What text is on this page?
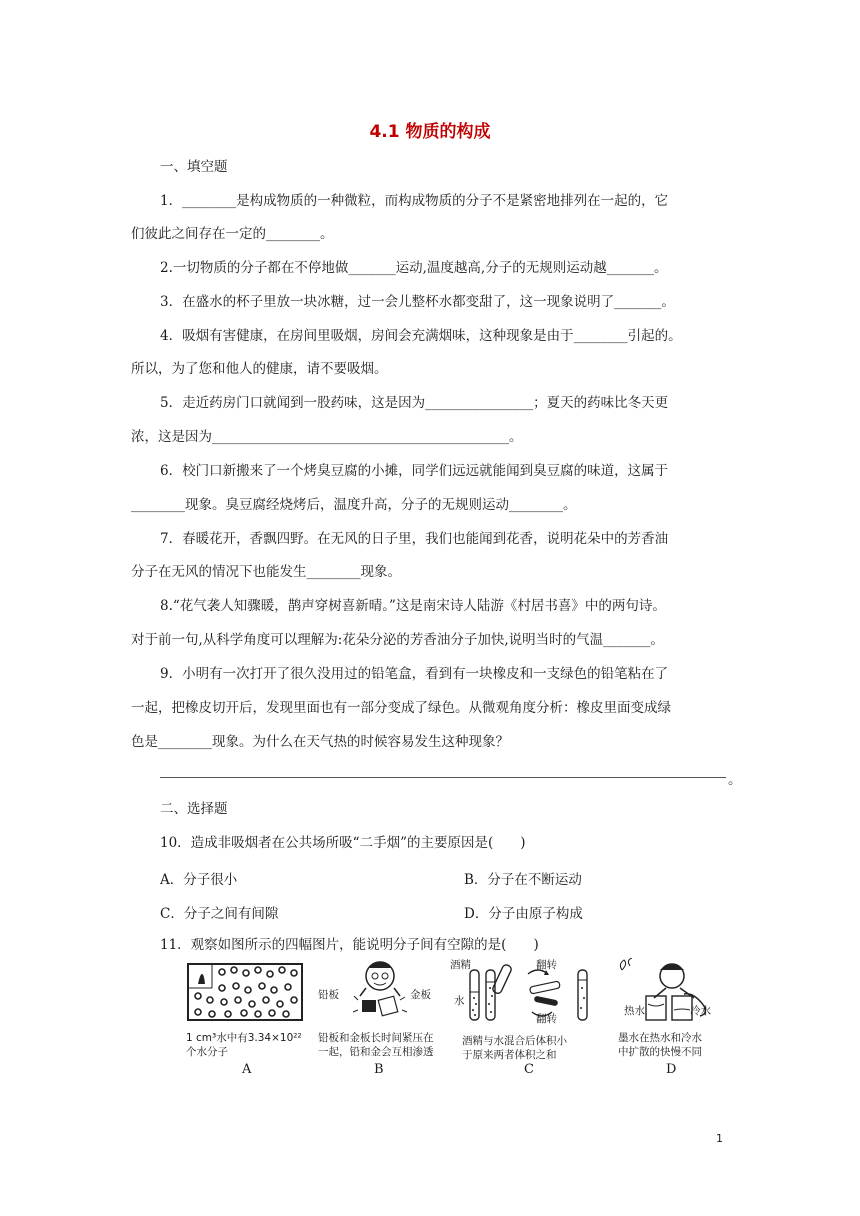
4.1 物质的构成
一、填空题
1．________是构成物质的一种微粒，而构成物质的分子不是紧密地排列在一起的，它
们彼此之间存在一定的________。
2.一切物质的分子都在不停地做_______运动,温度越高,分子的无规则运动越_______。
3．在盛水的杯子里放一块冰糖，过一会儿整杯水都变甜了，这一现象说明了_______。
4．吸烟有害健康，在房间里吸烟，房间会充满烟味，这种现象是由于________引起的。
所以，为了您和他人的健康，请不要吸烟。
5．走近药房门口就闻到一股药味，这是因为________________；夏天的药味比冬天更
浓，这是因为____________________________________________。
6．校门口新搬来了一个烤臭豆腐的小摊，同学们远远就能闻到臭豆腐的味道，这属于
________现象。臭豆腐经烧烤后，温度升高，分子的无规则运动________。
7．春暖花开，香飘四野。在无风的日子里，我们也能闻到花香，说明花朵中的芳香油
分子在无风的情况下也能发生________现象。
8.“花气袭人知骤暖，鹊声穿树喜新晴。”这是南宋诗人陆游《村居书喜》中的两句诗。
对于前一句,从科学角度可以理解为:花朵分泌的芳香油分子加快,说明当时的气温_______。
9．小明有一次打开了很久没用过的铅笔盒，看到有一块橡皮和一支绿色的铅笔粘在了
一起，把橡皮切开后，发现里面也有一部分变成了绿色。从微观角度分析：橡皮里面变成绿
色是________现象。为什么在天气热的时候容易发生这种现象？
。
二、选择题
10．造成非吸烟者在公共场所吸“二手烟”的主要原因是(　　)
A．分子很小	B．分子在不断运动
C．分子之间有间隙	D．分子由原子构成
11．观察如图所示的四幅图片，能说明分子间有空隙的是(　　)
1 cm³水中有3.34×10²²
个水分子
A
铅板	金板
铅板和金板长时间紧压在
一起，铅和金会互相渗透
B
酒精
水
翻转
翻转
酒精与水混合后体积小
于原来两者体积之和
C
热水	冷水
墨水在热水和冷水
中扩散的快慢不同
D
1
